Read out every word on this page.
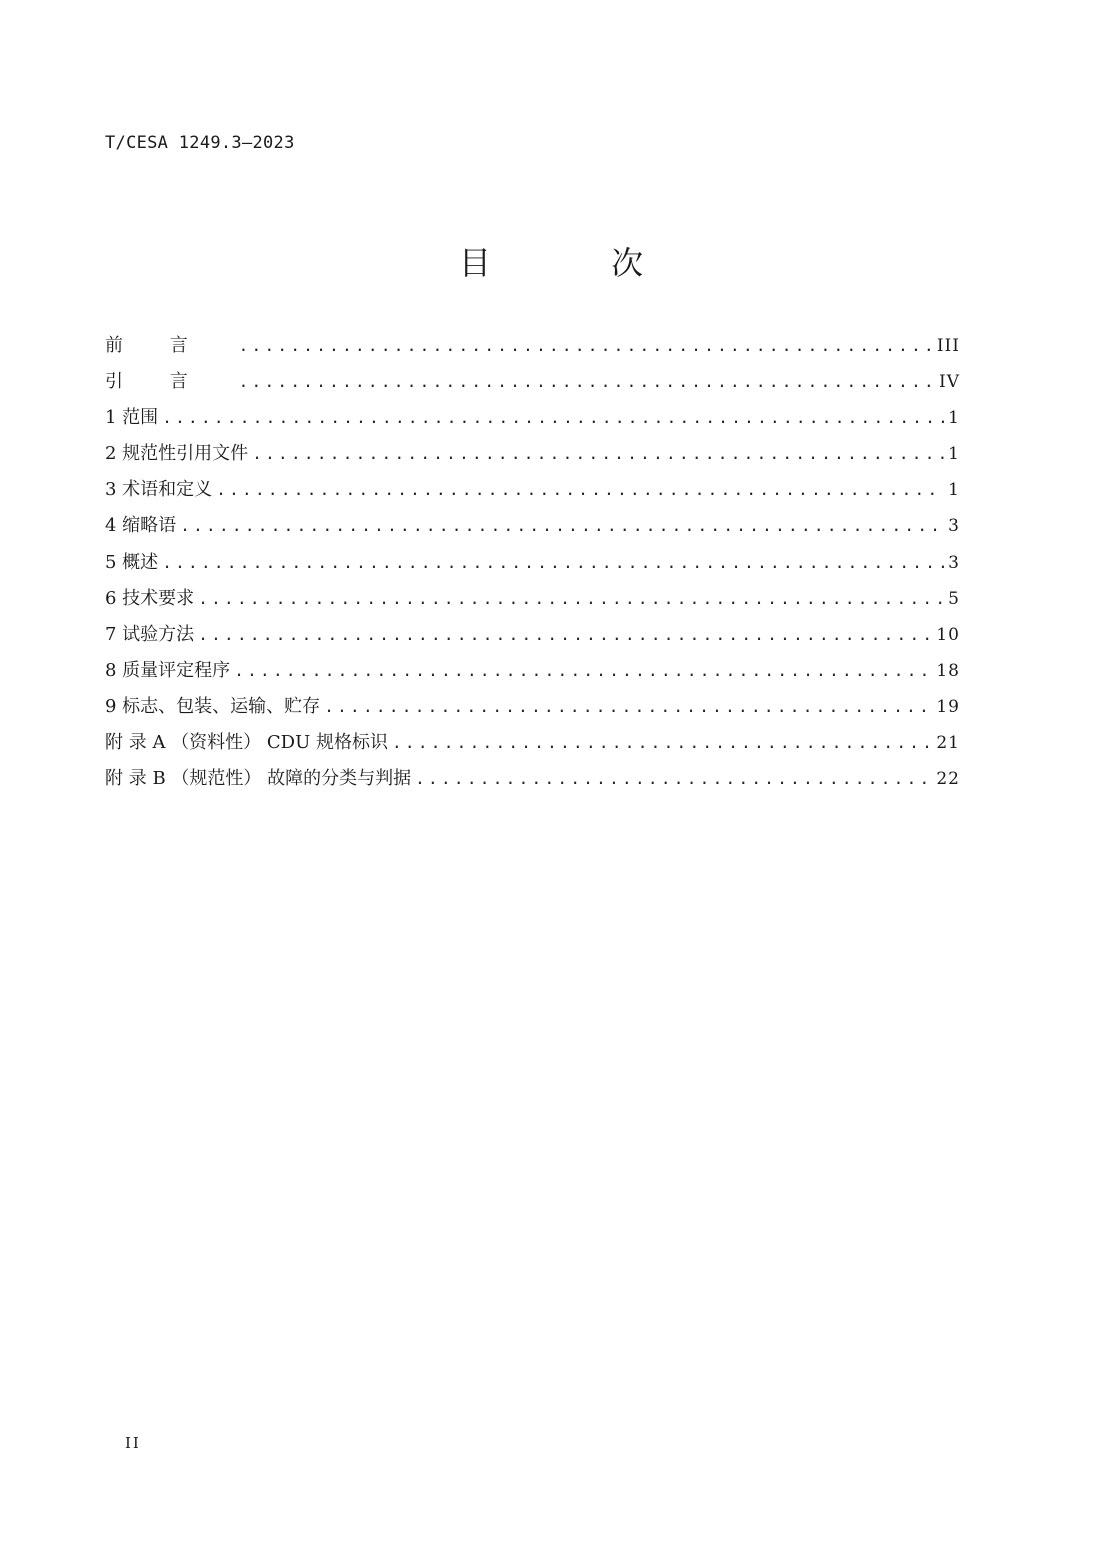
T/CESA 1249.3—2023
目 次
前言 .....	III
引言 .....	IV
1 范围 .....	1
2 规范性引用文件 .....	1
3 术语和定义 .....	1
4 缩略语 .....	3
5 概述 .....	3
6 技术要求 .....	5
7 试验方法 .....	10
8 质量评定程序 .....	18
9 标志、包装、运输、贮存 .....	19
附 录 A （资料性） CDU 规格标识 .....	21
附 录 B （规范性） 故障的分类与判据 .....	22
II
